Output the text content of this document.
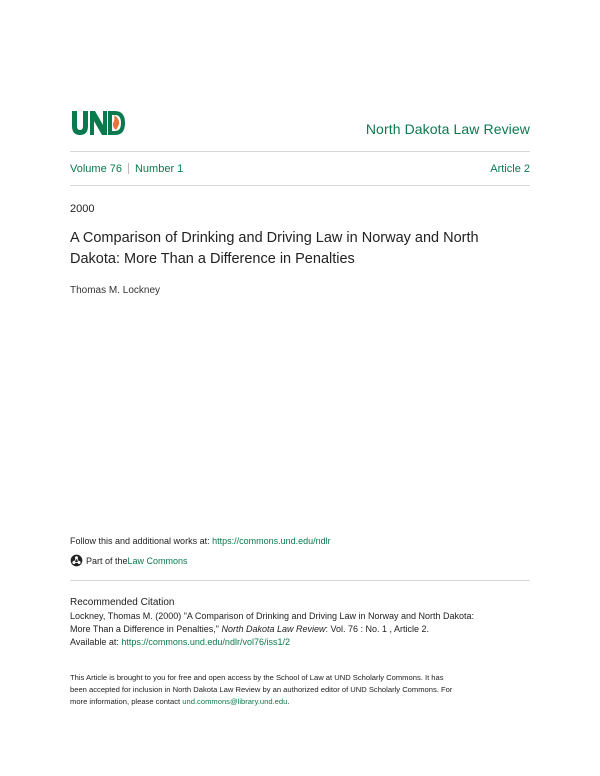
North Dakota Law Review
Volume 76 Number 1	Article 2
2000
A Comparison of Drinking and Driving Law in Norway and North
Dakota: More Than a Difference in Penalties
Thomas M. Lockney
Follow this and additional works at: https://commons.und.edu/ndlr
Part of the Law Commons
Recommended Citation
Lockney, Thomas M. (2000) "A Comparison of Drinking and Driving Law in Norway and North Dakota:
More Than a Difference in Penalties," North Dakota Law Review: Vol. 76 : No. 1 , Article 2.
Available at: https://commons.und.edu/ndlr/vol76/iss1/2
This Article is brought to you for free and open access by the School of Law at UND Scholarly Commons. It has
been accepted for inclusion in North Dakota Law Review by an authorized editor of UND Scholarly Commons. For
more information, please contact und.commons@library.und.edu.
